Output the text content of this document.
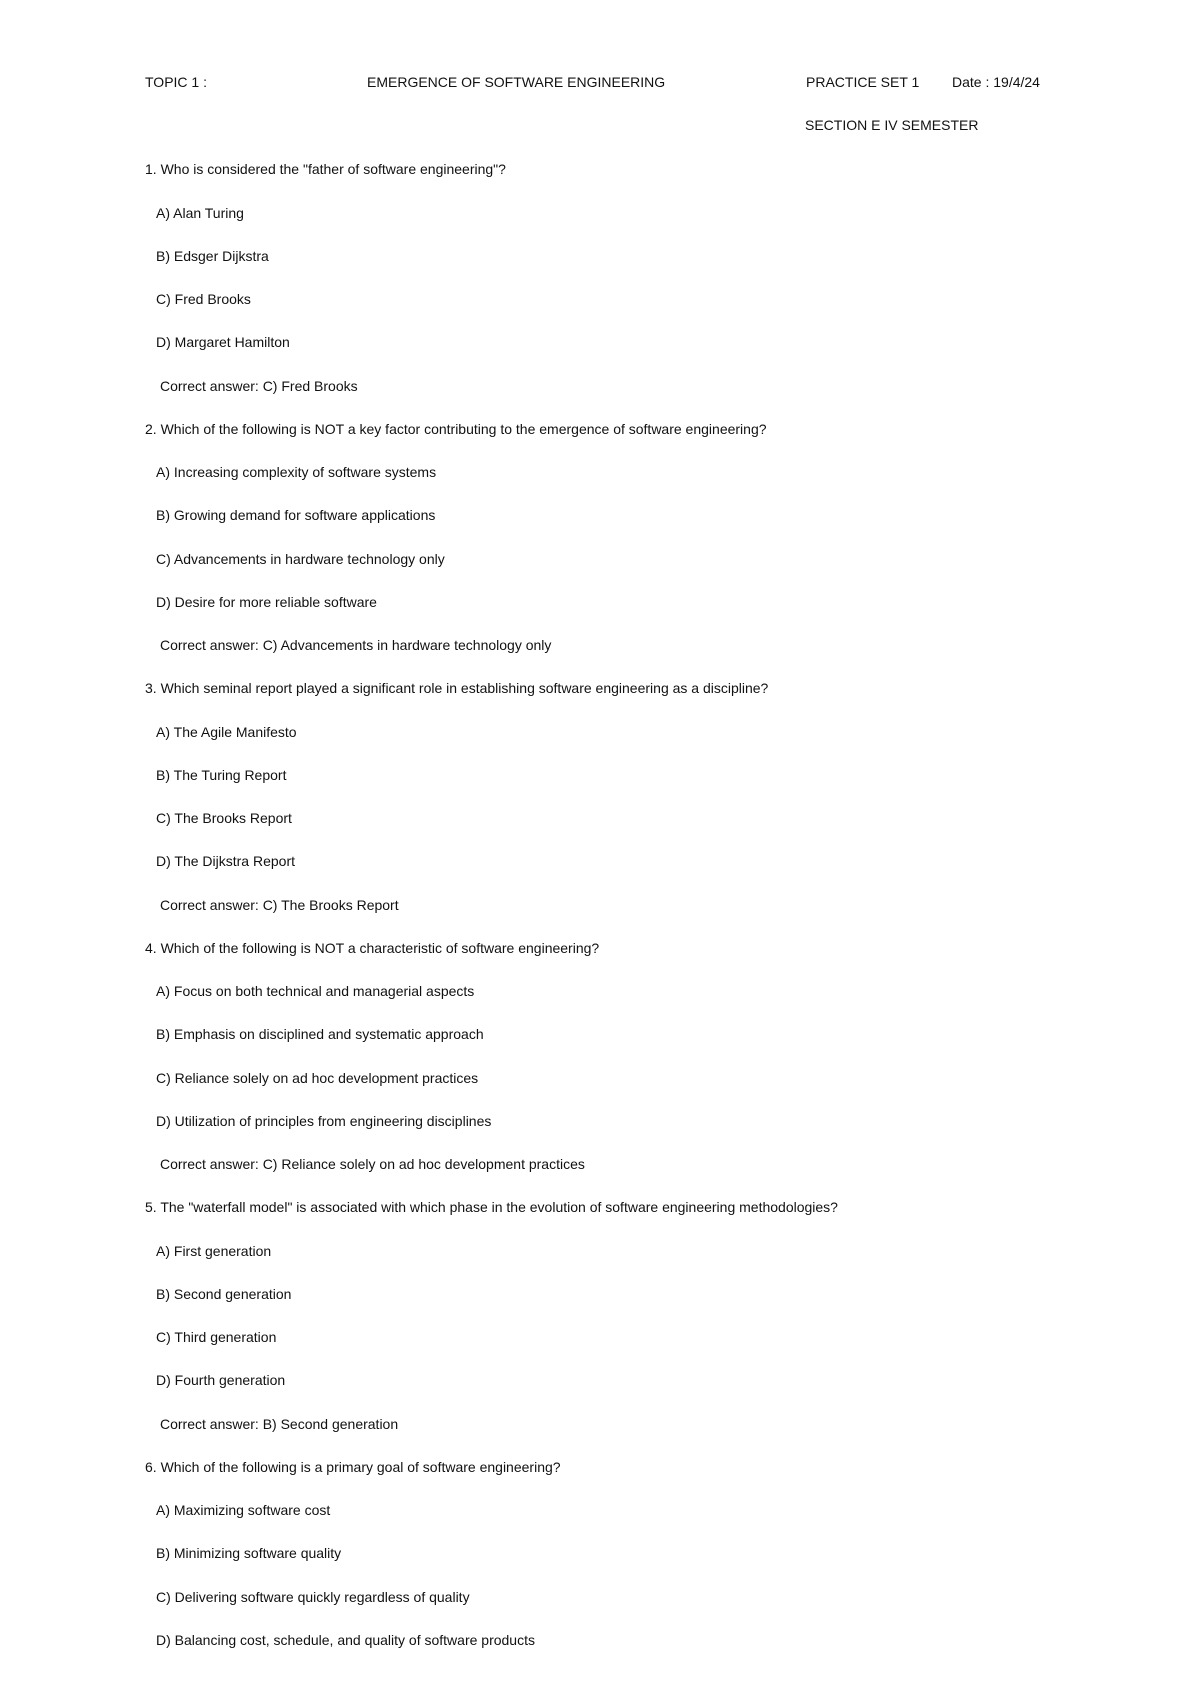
TOPIC 1 :	EMERGENCE OF SOFTWARE ENGINEERING	PRACTICE SET 1 Date : 19/4/24
SECTION E IV SEMESTER
1. Who is considered the "father of software engineering"?
A) Alan Turing
B) Edsger Dijkstra
C) Fred Brooks
D) Margaret Hamilton
Correct answer: C) Fred Brooks
2. Which of the following is NOT a key factor contributing to the emergence of software engineering?
A) Increasing complexity of software systems
B) Growing demand for software applications
C) Advancements in hardware technology only
D) Desire for more reliable software
Correct answer: C) Advancements in hardware technology only
3. Which seminal report played a significant role in establishing software engineering as a discipline?
A) The Agile Manifesto
B) The Turing Report
C) The Brooks Report
D) The Dijkstra Report
Correct answer: C) The Brooks Report
4. Which of the following is NOT a characteristic of software engineering?
A) Focus on both technical and managerial aspects
B) Emphasis on disciplined and systematic approach
C) Reliance solely on ad hoc development practices
D) Utilization of principles from engineering disciplines
Correct answer: C) Reliance solely on ad hoc development practices
5. The "waterfall model" is associated with which phase in the evolution of software engineering methodologies?
A) First generation
B) Second generation
C) Third generation
D) Fourth generation
Correct answer: B) Second generation
6. Which of the following is a primary goal of software engineering?
A) Maximizing software cost
B) Minimizing software quality
C) Delivering software quickly regardless of quality
D) Balancing cost, schedule, and quality of software products
